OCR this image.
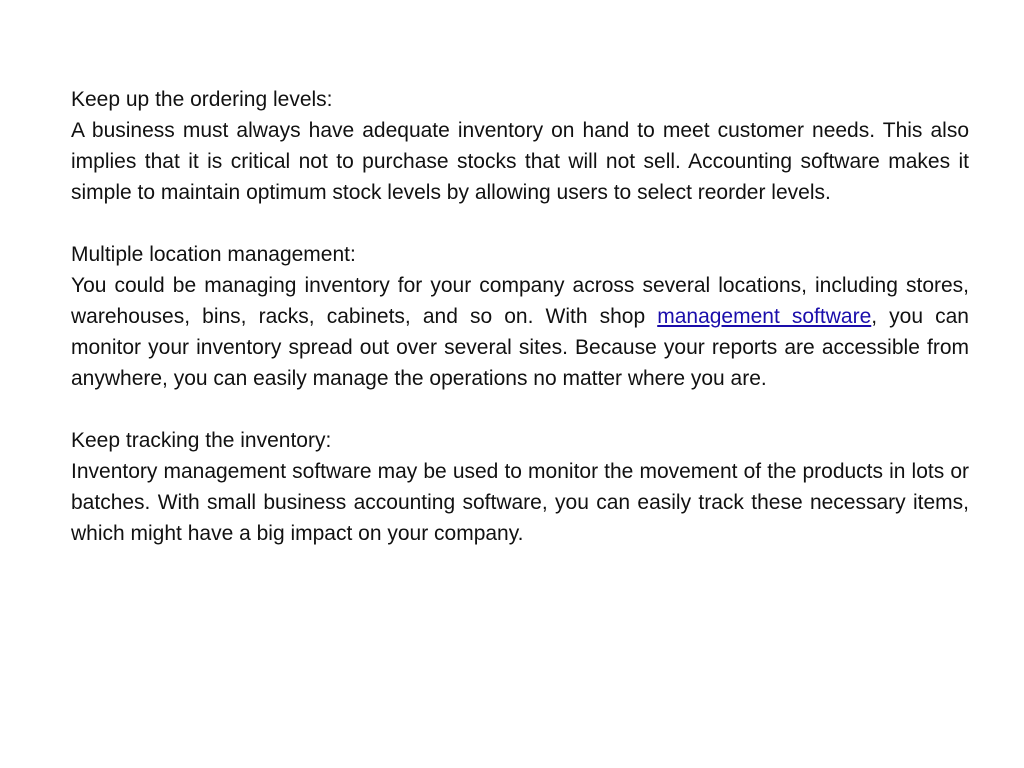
Keep up the ordering levels:
A business must always have adequate inventory on hand to meet customer needs. This also implies that it is critical not to purchase stocks that will not sell. Accounting software makes it simple to maintain optimum stock levels by allowing users to select reorder levels.
Multiple location management:
You could be managing inventory for your company across several locations, including stores, warehouses, bins, racks, cabinets, and so on. With shop management software, you can monitor your inventory spread out over several sites. Because your reports are accessible from anywhere, you can easily manage the operations no matter where you are.
Keep tracking the inventory:
Inventory management software may be used to monitor the movement of the products in lots or batches. With small business accounting software, you can easily track these necessary items, which might have a big impact on your company.
